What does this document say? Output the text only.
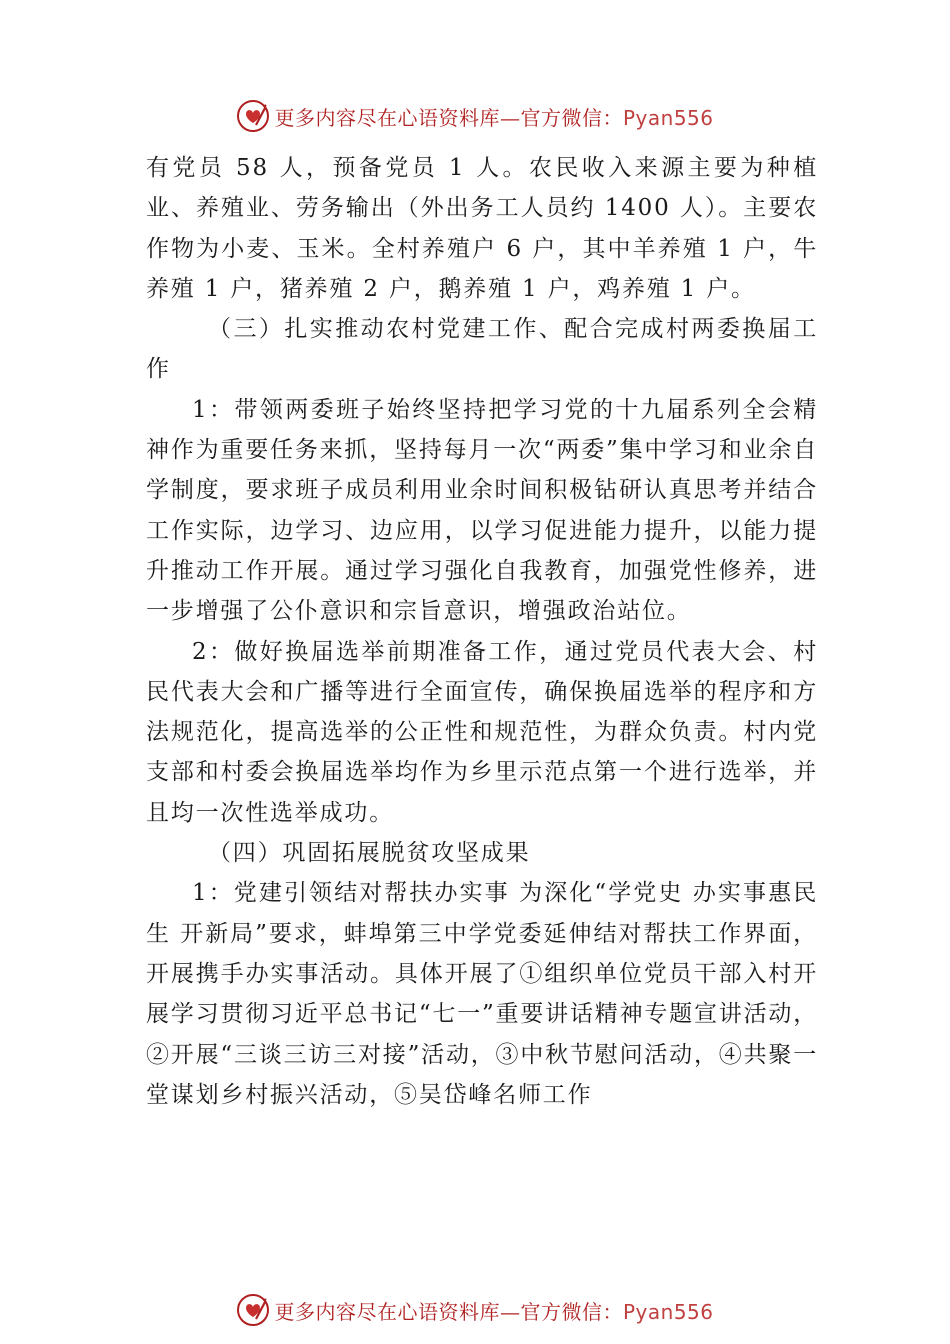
更多内容尽在心语资料库—官方微信：Pyan556

有党员 58 人，预备党员 1 人。农民收入来源主要为种植业、养殖业、劳务输出（外出务工人员约 1400 人）。主要农作物为小麦、玉米。全村养殖户 6 户，其中羊养殖 1 户，牛养殖 1 户，猪养殖 2 户，鹅养殖 1 户，鸡养殖 1 户。

（三）扎实推动农村党建工作、配合完成村两委换届工作

1：带领两委班子始终坚持把学习党的十九届系列全会精神作为重要任务来抓，坚持每月一次“两委”集中学习和业余自学制度，要求班子成员利用业余时间积极钻研认真思考并结合工作实际，边学习、边应用，以学习促进能力提升，以能力提升推动工作开展。通过学习强化自我教育，加强党性修养，进一步增强了公仆意识和宗旨意识，增强政治站位。

2：做好换届选举前期准备工作，通过党员代表大会、村民代表大会和广播等进行全面宣传，确保换届选举的程序和方法规范化，提高选举的公正性和规范性，为群众负责。村内党支部和村委会换届选举均作为乡里示范点第一个进行选举，并且均一次性选举成功。

（四）巩固拓展脱贫攻坚成果

1：党建引领结对帮扶办实事 为深化“学党史 办实事惠民生 开新局”要求，蚌埠第三中学党委延伸结对帮扶工作界面，开展携手办实事活动。具体开展了①组织单位党员干部入村开展学习贯彻习近平总书记“七一”重要讲话精神专题宣讲活动，②开展“三谈三访三对接”活动，③中秋节慰问活动，④共聚一堂谋划乡村振兴活动，⑤吴岱峰名师工作

更多内容尽在心语资料库—官方微信：Pyan556
